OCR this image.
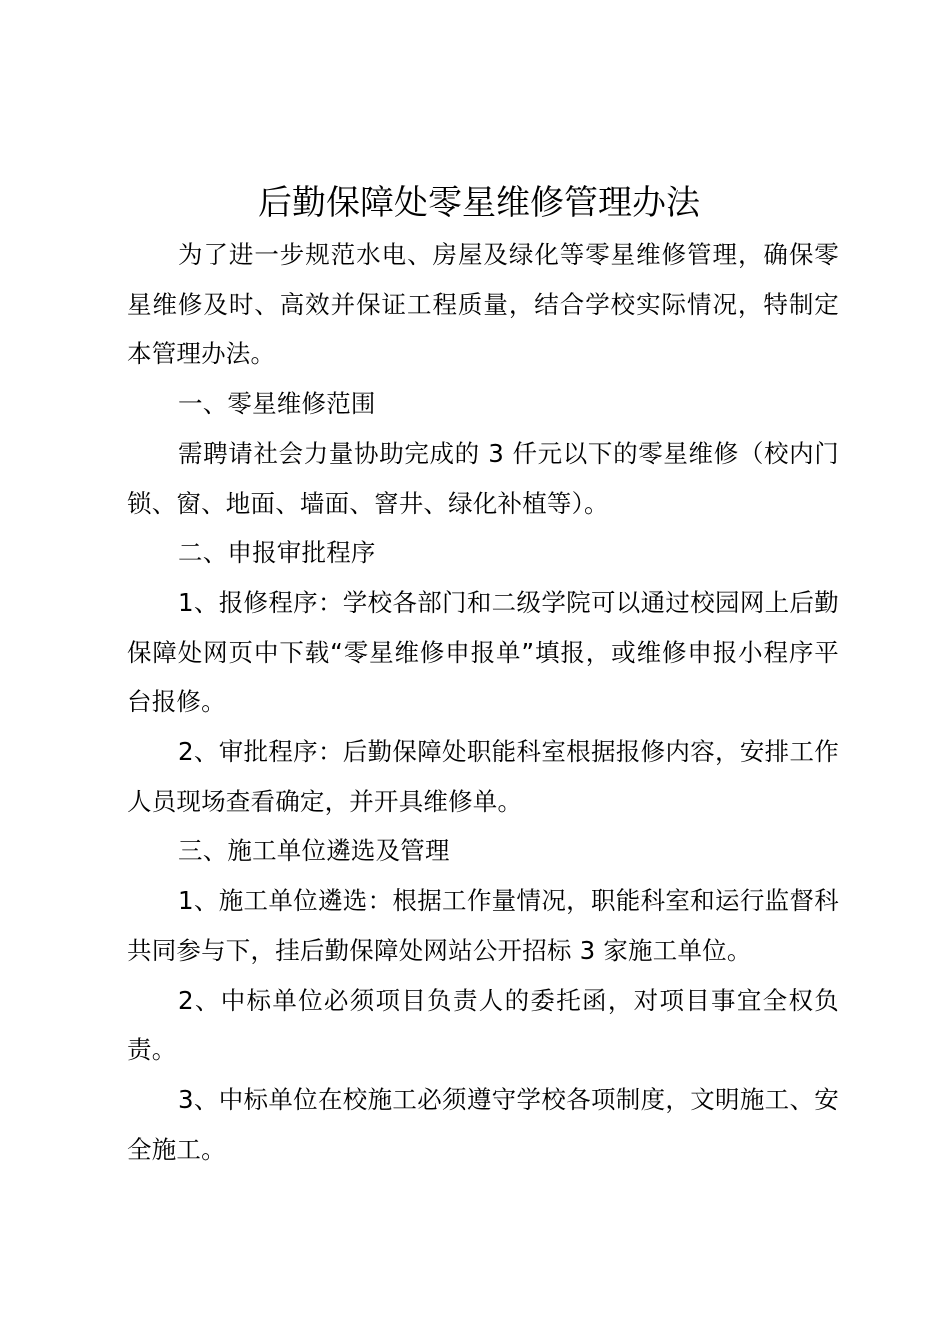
后勤保障处零星维修管理办法

为了进一步规范水电、房屋及绿化等零星维修管理，确保零星维修及时、高效并保证工程质量，结合学校实际情况，特制定本管理办法。

一、零星维修范围

需聘请社会力量协助完成的 3 仟元以下的零星维修（校内门锁、窗、地面、墙面、窨井、绿化补植等）。

二、申报审批程序

1、报修程序：学校各部门和二级学院可以通过校园网上后勤保障处网页中下载“零星维修申报单”填报，或维修申报小程序平台报修。

2、审批程序：后勤保障处职能科室根据报修内容，安排工作人员现场查看确定，并开具维修单。

三、施工单位遴选及管理

1、施工单位遴选：根据工作量情况，职能科室和运行监督科共同参与下，挂后勤保障处网站公开招标 3 家施工单位。

2、中标单位必须项目负责人的委托函，对项目事宜全权负责。

3、中标单位在校施工必须遵守学校各项制度，文明施工、安全施工。
